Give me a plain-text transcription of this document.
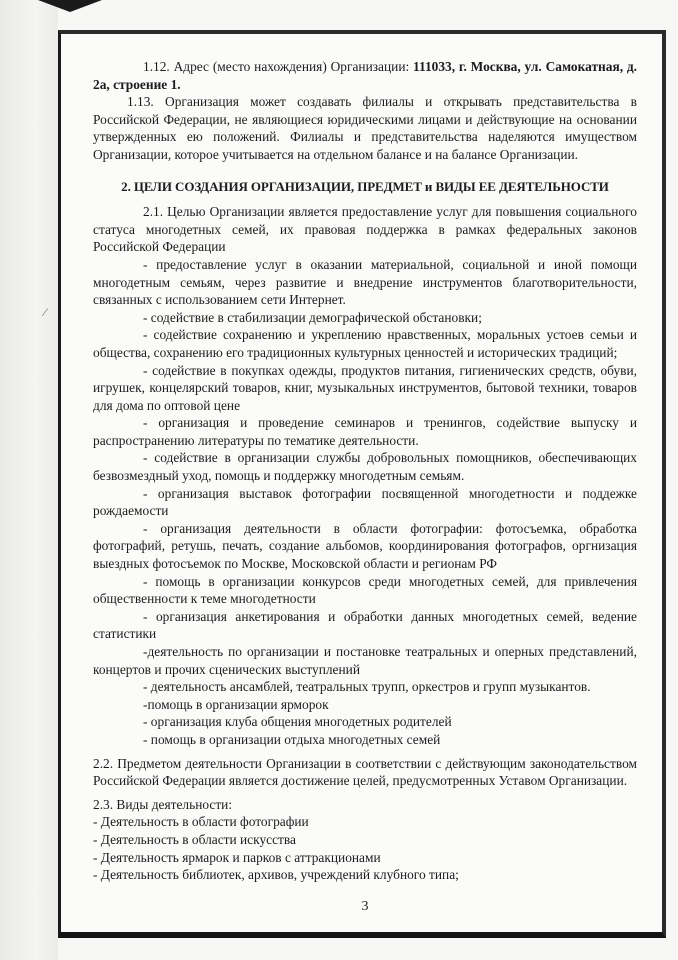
⁄

1.12. Адрес (место нахождения) Организации: 111033, г. Москва, ул. Самокатная, д. 2а, строение 1.

1.13. Организация может создавать филиалы и открывать представительства в Российской Федерации, не являющиеся юридическими лицами и действующие на основании утвержденных ею положений. Филиалы и представительства наделяются имуществом Организации, которое учитывается на отдельном балансе и на балансе Организации.

2. ЦЕЛИ СОЗДАНИЯ ОРГАНИЗАЦИИ, ПРЕДМЕТ и ВИДЫ ЕЕ ДЕЯТЕЛЬНОСТИ

2.1. Целью Организации является предоставление услуг для повышения социального статуса многодетных семей, их правовая поддержка в рамках федеральных законов Российской Федерации

- предоставление услуг в оказании материальной, социальной и иной помощи многодетным семьям, через развитие и внедрение инструментов благотворительности, связанных с использованием сети Интернет.

- содействие в стабилизации демографической обстановки;

- содействие сохранению и укреплению нравственных, моральных устоев семьи и общества, сохранению его традиционных культурных ценностей и исторических традиций;

- содействие в покупках одежды, продуктов питания, гигиенических средств, обуви, игрушек, концелярский товаров, книг, музыкальных инструментов, бытовой техники, товаров для дома по оптовой цене

- организация и проведение семинаров и тренингов, содействие выпуску и распространению литературы по тематике деятельности.

- содействие в организации службы добровольных помощников, обеспечивающих безвозмездный уход, помощь и поддержку многодетным семьям.

- организация выставок фотографии посвященной многодетности и поддежке рождаемости

- организация деятельности в области фотографии: фотосъемка, обработка фотографий, ретушь, печать, создание альбомов, координирования фотографов, оргнизация выездных фотосъемок по Москве, Московской области и регионам РФ

- помощь в организации конкурсов среди многодетных семей, для привлечения общественности к теме многодетности

- организация анкетирования и обработки данных многодетных семей, ведение статистики

-деятельность по организации и постановке театральных и оперных представлений, концертов и прочих сценических выступлений

- деятельность ансамблей, театральных трупп, оркестров и групп музыкантов.

-помощь в организации ярморок

- организация клуба общения многодетных родителей

- помощь в организации отдыха многодетных семей

2.2. Предметом деятельности Организации в соответствии с действующим законодательством Российской Федерации является достижение целей, предусмотренных Уставом Организации.

2.3. Виды деятельности:

- Деятельность в области фотографии

- Деятельность в области искусства

- Деятельность ярмарок и парков с аттракционами

- Деятельность библиотек, архивов, учреждений клубного типа;

3
